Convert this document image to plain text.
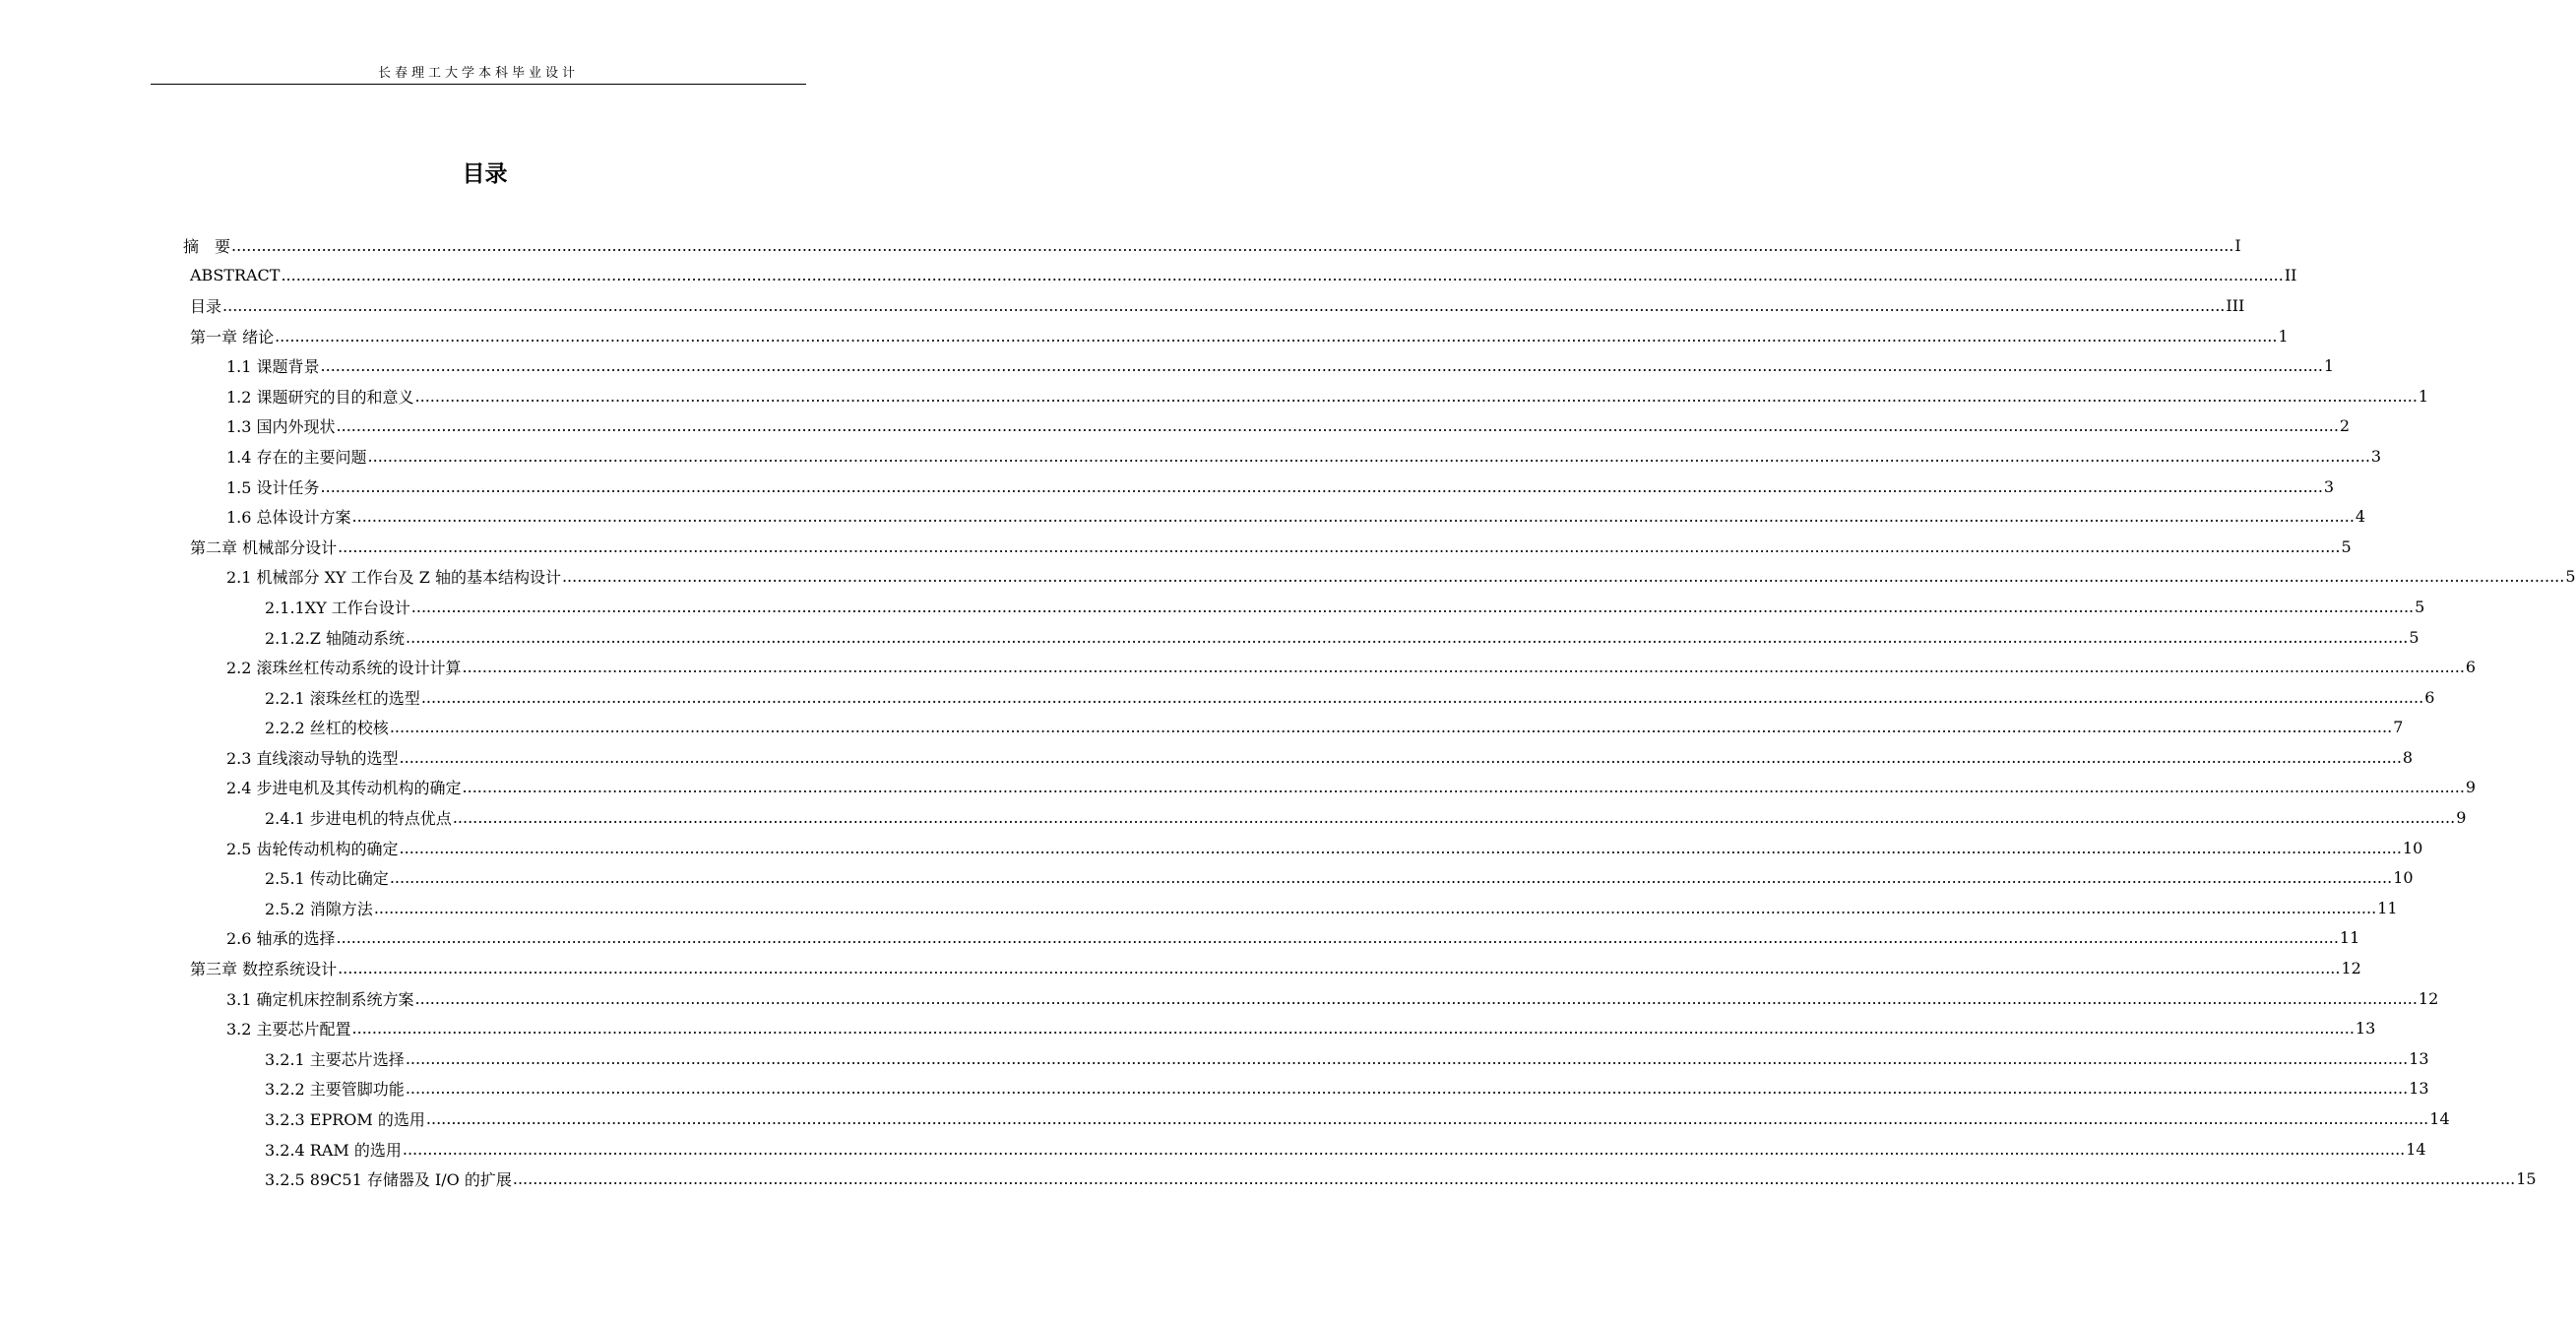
长春理工大学本科毕业设计
目录
摘　要 ................................................................................................................................................................................................................................................................................................................................................................................................................ I
ABSTRACT ................................................................................................................................................................................................................................................................................................................................................................................................................ II
目录 ................................................................................................................................................................................................................................................................................................................................................................................................................ III
第一章 绪论 ................................................................................................................................................................................................................................................................................................................................................................................................................ 1
1.1 课题背景 ................................................................................................................................................................................................................................................................................................................................................................................................................ 1
1.2 课题研究的目的和意义 ................................................................................................................................................................................................................................................................................................................................................................................................................ 1
1.3 国内外现状 ................................................................................................................................................................................................................................................................................................................................................................................................................ 2
1.4 存在的主要问题 ................................................................................................................................................................................................................................................................................................................................................................................................................ 3
1.5 设计任务 ................................................................................................................................................................................................................................................................................................................................................................................................................ 3
1.6 总体设计方案 ................................................................................................................................................................................................................................................................................................................................................................................................................ 4
第二章 机械部分设计 ................................................................................................................................................................................................................................................................................................................................................................................................................ 5
2.1 机械部分 XY 工作台及 Z 轴的基本结构设计 ................................................................................................................................................................................................................................................................................................................................................................................................................ 5
2.1.1XY 工作台设计 ................................................................................................................................................................................................................................................................................................................................................................................................................ 5
2.1.2.Z 轴随动系统 ................................................................................................................................................................................................................................................................................................................................................................................................................ 5
2.2 滚珠丝杠传动系统的设计计算 ................................................................................................................................................................................................................................................................................................................................................................................................................ 6
2.2.1 滚珠丝杠的选型 ................................................................................................................................................................................................................................................................................................................................................................................................................ 6
2.2.2 丝杠的校核 ................................................................................................................................................................................................................................................................................................................................................................................................................ 7
2.3 直线滚动导轨的选型 ................................................................................................................................................................................................................................................................................................................................................................................................................ 8
2.4 步进电机及其传动机构的确定 ................................................................................................................................................................................................................................................................................................................................................................................................................ 9
2.4.1 步进电机的特点优点 ................................................................................................................................................................................................................................................................................................................................................................................................................ 9
2.5 齿轮传动机构的确定 ................................................................................................................................................................................................................................................................................................................................................................................................................ 10
2.5.1 传动比确定 ................................................................................................................................................................................................................................................................................................................................................................................................................ 10
2.5.2 消隙方法 ................................................................................................................................................................................................................................................................................................................................................................................................................ 11
2.6 轴承的选择 ................................................................................................................................................................................................................................................................................................................................................................................................................ 11
第三章 数控系统设计 ................................................................................................................................................................................................................................................................................................................................................................................................................ 12
3.1 确定机床控制系统方案 ................................................................................................................................................................................................................................................................................................................................................................................................................ 12
3.2 主要芯片配置 ................................................................................................................................................................................................................................................................................................................................................................................................................ 13
3.2.1 主要芯片选择 ................................................................................................................................................................................................................................................................................................................................................................................................................ 13
3.2.2 主要管脚功能 ................................................................................................................................................................................................................................................................................................................................................................................................................ 13
3.2.3 EPROM 的选用 ................................................................................................................................................................................................................................................................................................................................................................................................................ 14
3.2.4 RAM 的选用 ................................................................................................................................................................................................................................................................................................................................................................................................................ 14
3.2.5 89C51 存储器及 I/O 的扩展 ................................................................................................................................................................................................................................................................................................................................................................................................................ 15
